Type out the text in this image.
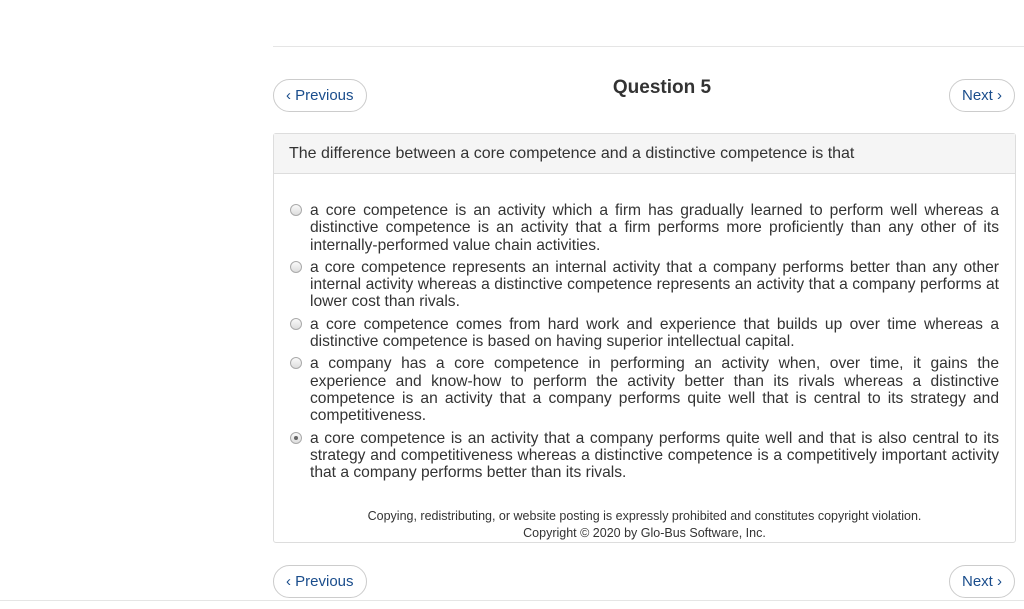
‹ Previous	Question 5	Next ›
The difference between a core competence and a distinctive competence is that
a core competence is an activity which a firm has gradually learned to perform well whereas a distinctive competence is an activity that a firm performs more proficiently than any other of its internally-performed value chain activities.
a core competence represents an internal activity that a company performs better than any other internal activity whereas a distinctive competence represents an activity that a company performs at lower cost than rivals.
a core competence comes from hard work and experience that builds up over time whereas a distinctive competence is based on having superior intellectual capital.
a company has a core competence in performing an activity when, over time, it gains the experience and know-how to perform the activity better than its rivals whereas a distinctive competence is an activity that a company performs quite well that is central to its strategy and competitiveness.
a core competence is an activity that a company performs quite well and that is also central to its strategy and competitiveness whereas a distinctive competence is a competitively important activity that a company performs better than its rivals.
Copying, redistributing, or website posting is expressly prohibited and constitutes copyright violation.
Copyright © 2020 by Glo-Bus Software, Inc.
‹ Previous	Next ›
